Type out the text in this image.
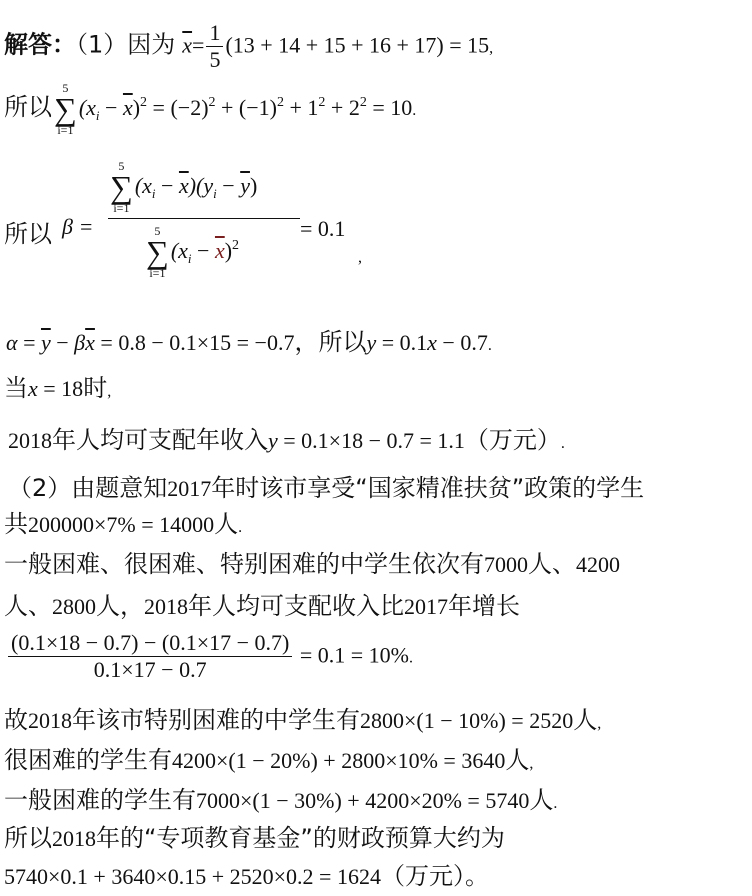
解答：（1）因为 $\overline{x}= \frac{1}{5} (13 + 14 + 15 + 16 + 17) = 15$,
所以
5
∑
i=1
$(x_i - \overline{x})^2 = (-2)^2 + (-1)^2 + 1^2 + 2^2 = 10$.
所以 β = 5
∑
i=1
$(x_i - \overline{x})(y_i - \overline{y})$
5
∑
i=1
$(x_i - \overline{x})^2 = 0.1$
,
$\alpha = \overline{y} - \beta\overline{x} = 0.8 - 0.1\times 15 = -0.7$，所以y = 0.1x − 0.7.
当x = 18时,
2018年人均可支配年收入y = 0.1×18 − 0.7 = 1.1（万元）.
（2）由题意知2017年时该市享受“国家精准扶贫”政策的学生
共200000×7% = 14000人.
一般困难、很困难、特别困难的中学生依次有7000人、4200
人、2800人，2018年人均可支配收入比2017年增长
$\frac{(0.1\times 18 - 0.7) - (0.1\times 17 - 0.7)}{0.1\times 17 - 0.7} = 0.1 = 10\%$.
故2018年该市特别困难的中学生有2800×(1 − 10%) = 2520人,
很困难的学生有4200×(1 − 20%) + 2800×10% = 3640人,
一般困难的学生有7000×(1 − 30%) + 4200×20% = 5740人.
所以2018年的“专项教育基金”的财政预算大约为
5740×0.1 + 3640×0.15 + 2520×0.2 = 1624（万元）。
